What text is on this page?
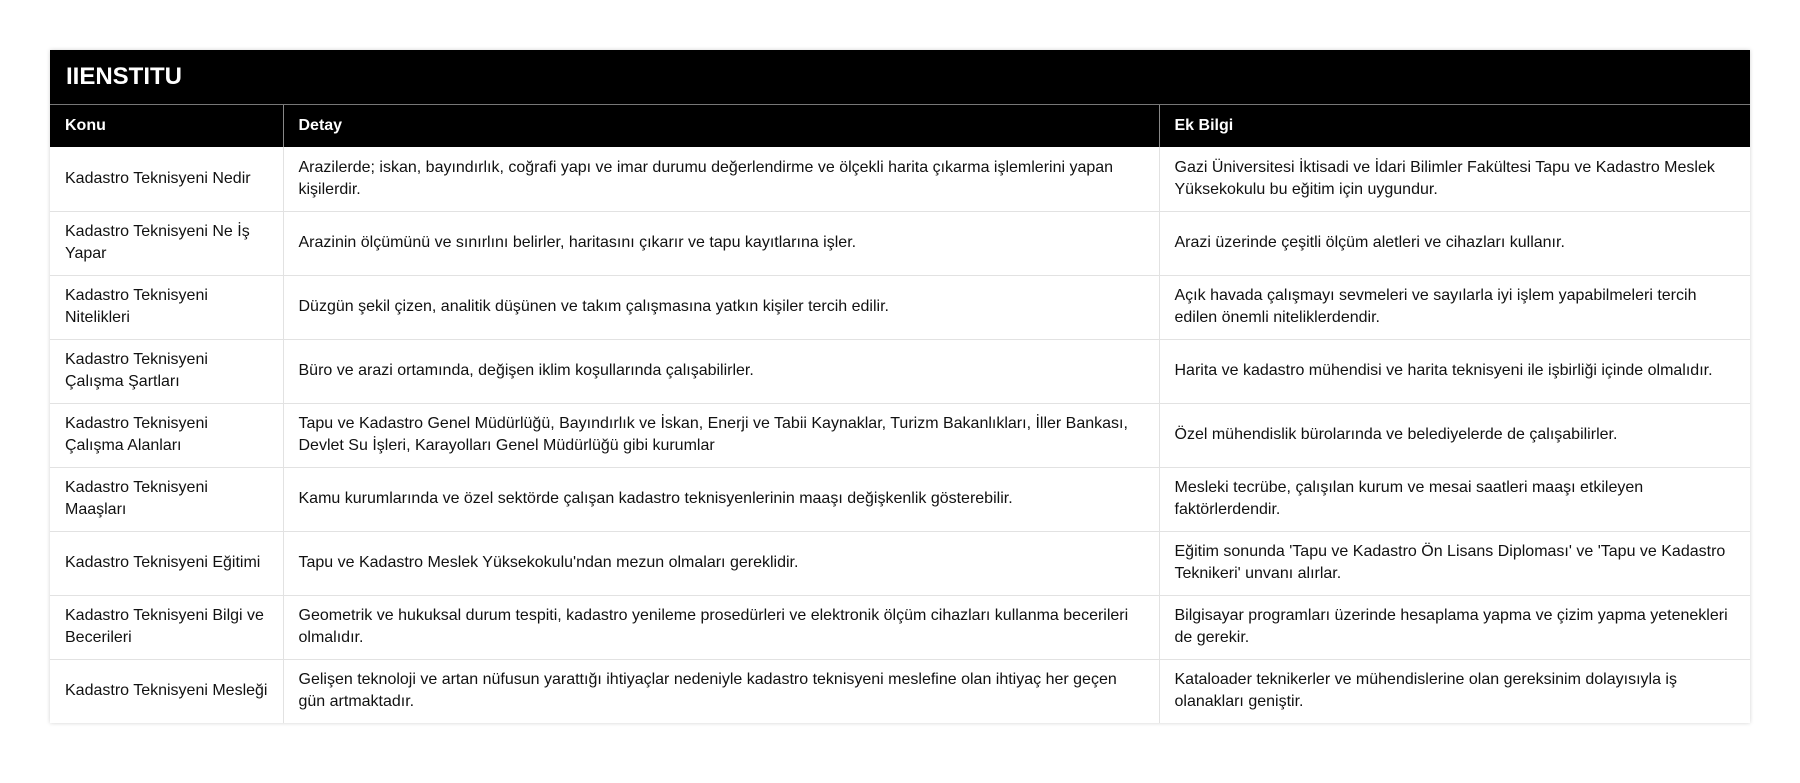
IIENSTITU
Konu	Detay	Ek Bilgi
Kadastro Teknisyeni Nedir	Arazilerde; iskan, bayındırlık, coğrafi yapı ve imar durumu değerlendirme ve ölçekli harita çıkarma işlemlerini yapan kişilerdir.	Gazi Üniversitesi İktisadi ve İdari Bilimler Fakültesi Tapu ve Kadastro Meslek Yüksekokulu bu eğitim için uygundur.
Kadastro Teknisyeni Ne İş Yapar	Arazinin ölçümünü ve sınırlını belirler, haritasını çıkarır ve tapu kayıtlarına işler.	Arazi üzerinde çeşitli ölçüm aletleri ve cihazları kullanır.
Kadastro Teknisyeni Nitelikleri	Düzgün şekil çizen, analitik düşünen ve takım çalışmasına yatkın kişiler tercih edilir.	Açık havada çalışmayı sevmeleri ve sayılarla iyi işlem yapabilmeleri tercih edilen önemli niteliklerdendir.
Kadastro Teknisyeni Çalışma Şartları	Büro ve arazi ortamında, değişen iklim koşullarında çalışabilirler.	Harita ve kadastro mühendisi ve harita teknisyeni ile işbirliği içinde olmalıdır.
Kadastro Teknisyeni Çalışma Alanları	Tapu ve Kadastro Genel Müdürlüğü, Bayındırlık ve İskan, Enerji ve Tabii Kaynaklar, Turizm Bakanlıkları, İller Bankası, Devlet Su İşleri, Karayolları Genel Müdürlüğü gibi kurumlar	Özel mühendislik bürolarında ve belediyelerde de çalışabilirler.
Kadastro Teknisyeni Maaşları	Kamu kurumlarında ve özel sektörde çalışan kadastro teknisyenlerinin maaşı değişkenlik gösterebilir.	Mesleki tecrübe, çalışılan kurum ve mesai saatleri maaşı etkileyen faktörlerdendir.
Kadastro Teknisyeni Eğitimi	Tapu ve Kadastro Meslek Yüksekokulu'ndan mezun olmaları gereklidir.	Eğitim sonunda 'Tapu ve Kadastro Ön Lisans Diploması' ve 'Tapu ve Kadastro Teknikeri' unvanı alırlar.
Kadastro Teknisyeni Bilgi ve Becerileri	Geometrik ve hukuksal durum tespiti, kadastro yenileme prosedürleri ve elektronik ölçüm cihazları kullanma becerileri olmalıdır.	Bilgisayar programları üzerinde hesaplama yapma ve çizim yapma yetenekleri de gerekir.
Kadastro Teknisyeni Mesleği	Gelişen teknoloji ve artan nüfusun yarattığı ihtiyaçlar nedeniyle kadastro teknisyeni meslefine olan ihtiyaç her geçen gün artmaktadır.	Kataloader teknikerler ve mühendislerine olan gereksinim dolayısıyla iş olanakları geniştir.
